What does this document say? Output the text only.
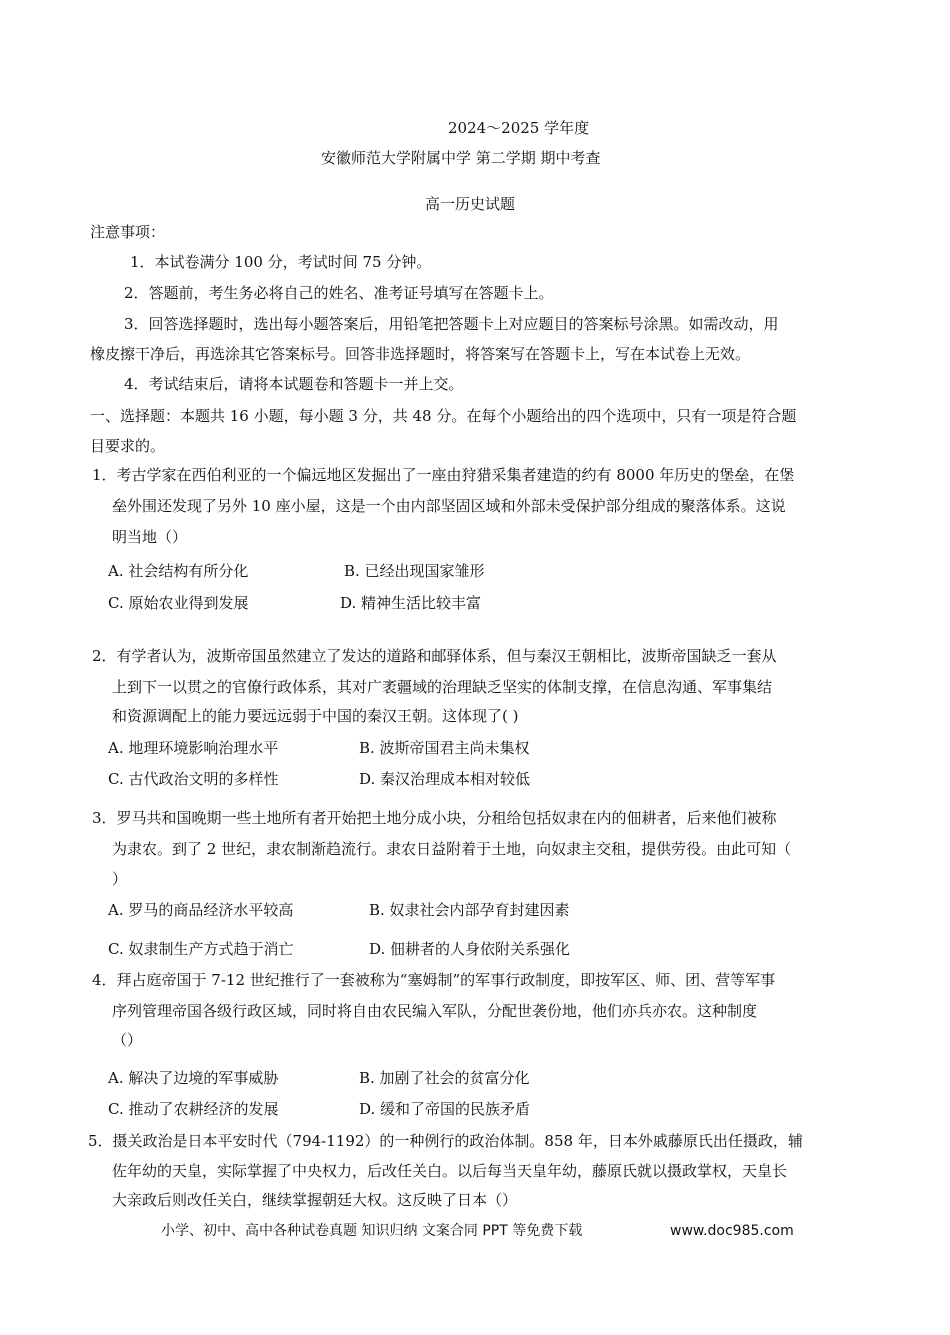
2024～2025 学年度
安徽师范大学附属中学 第二学期 期中考查
高一历史试题
注意事项：
1．本试卷满分 100 分，考试时间 75 分钟。
2．答题前，考生务必将自己的姓名、准考证号填写在答题卡上。
3．回答选择题时，选出每小题答案后，用铅笔把答题卡上对应题目的答案标号涂黑。如需改动，用
橡皮擦干净后，再选涂其它答案标号。回答非选择题时，将答案写在答题卡上，写在本试卷上无效。
4．考试结束后，请将本试题卷和答题卡一并上交。
一、选择题：本题共 16 小题，每小题 3 分，共 48 分。在每个小题给出的四个选项中，只有一项是符合题
目要求的。
1．考古学家在西伯利亚的一个偏远地区发掘出了一座由狩猎采集者建造的约有 8000 年历史的堡垒，在堡
垒外围还发现了另外 10 座小屋，这是一个由内部坚固区域和外部未受保护部分组成的聚落体系。这说
明当地（）
A. 社会结构有所分化	B. 已经出现国家雏形
C. 原始农业得到发展	D. 精神生活比较丰富
2．有学者认为，波斯帝国虽然建立了发达的道路和邮驿体系，但与秦汉王朝相比，波斯帝国缺乏一套从
上到下一以贯之的官僚行政体系，其对广袤疆域的治理缺乏坚实的体制支撑，在信息沟通、军事集结
和资源调配上的能力要远远弱于中国的秦汉王朝。这体现了( )
A. 地理环境影响治理水平	B. 波斯帝国君主尚未集权
C. 古代政治文明的多样性	D. 秦汉治理成本相对较低
3．罗马共和国晚期一些土地所有者开始把土地分成小块，分租给包括奴隶在内的佃耕者，后来他们被称
为隶农。到了 2 世纪，隶农制渐趋流行。隶农日益附着于土地，向奴隶主交租，提供劳役。由此可知（
）
A. 罗马的商品经济水平较高	B. 奴隶社会内部孕育封建因素
C. 奴隶制生产方式趋于消亡	D. 佃耕者的人身依附关系强化
4．拜占庭帝国于 7-12 世纪推行了一套被称为“塞姆制”的军事行政制度，即按军区、师、团、营等军事
序列管理帝国各级行政区域，同时将自由农民编入军队，分配世袭份地，他们亦兵亦农。这种制度
（）
A. 解决了边境的军事威胁	B. 加剧了社会的贫富分化
C. 推动了农耕经济的发展	D. 缓和了帝国的民族矛盾
5．摄关政治是日本平安时代（794-1192）的一种例行的政治体制。858 年，日本外戚藤原氏出任摄政，辅
佐年幼的天皇，实际掌握了中央权力，后改任关白。以后每当天皇年幼，藤原氏就以摄政掌权，天皇长
大亲政后则改任关白，继续掌握朝廷大权。这反映了日本（）
小学、初中、高中各种试卷真题 知识归纳 文案合同 PPT 等免费下载	www.doc985.com
